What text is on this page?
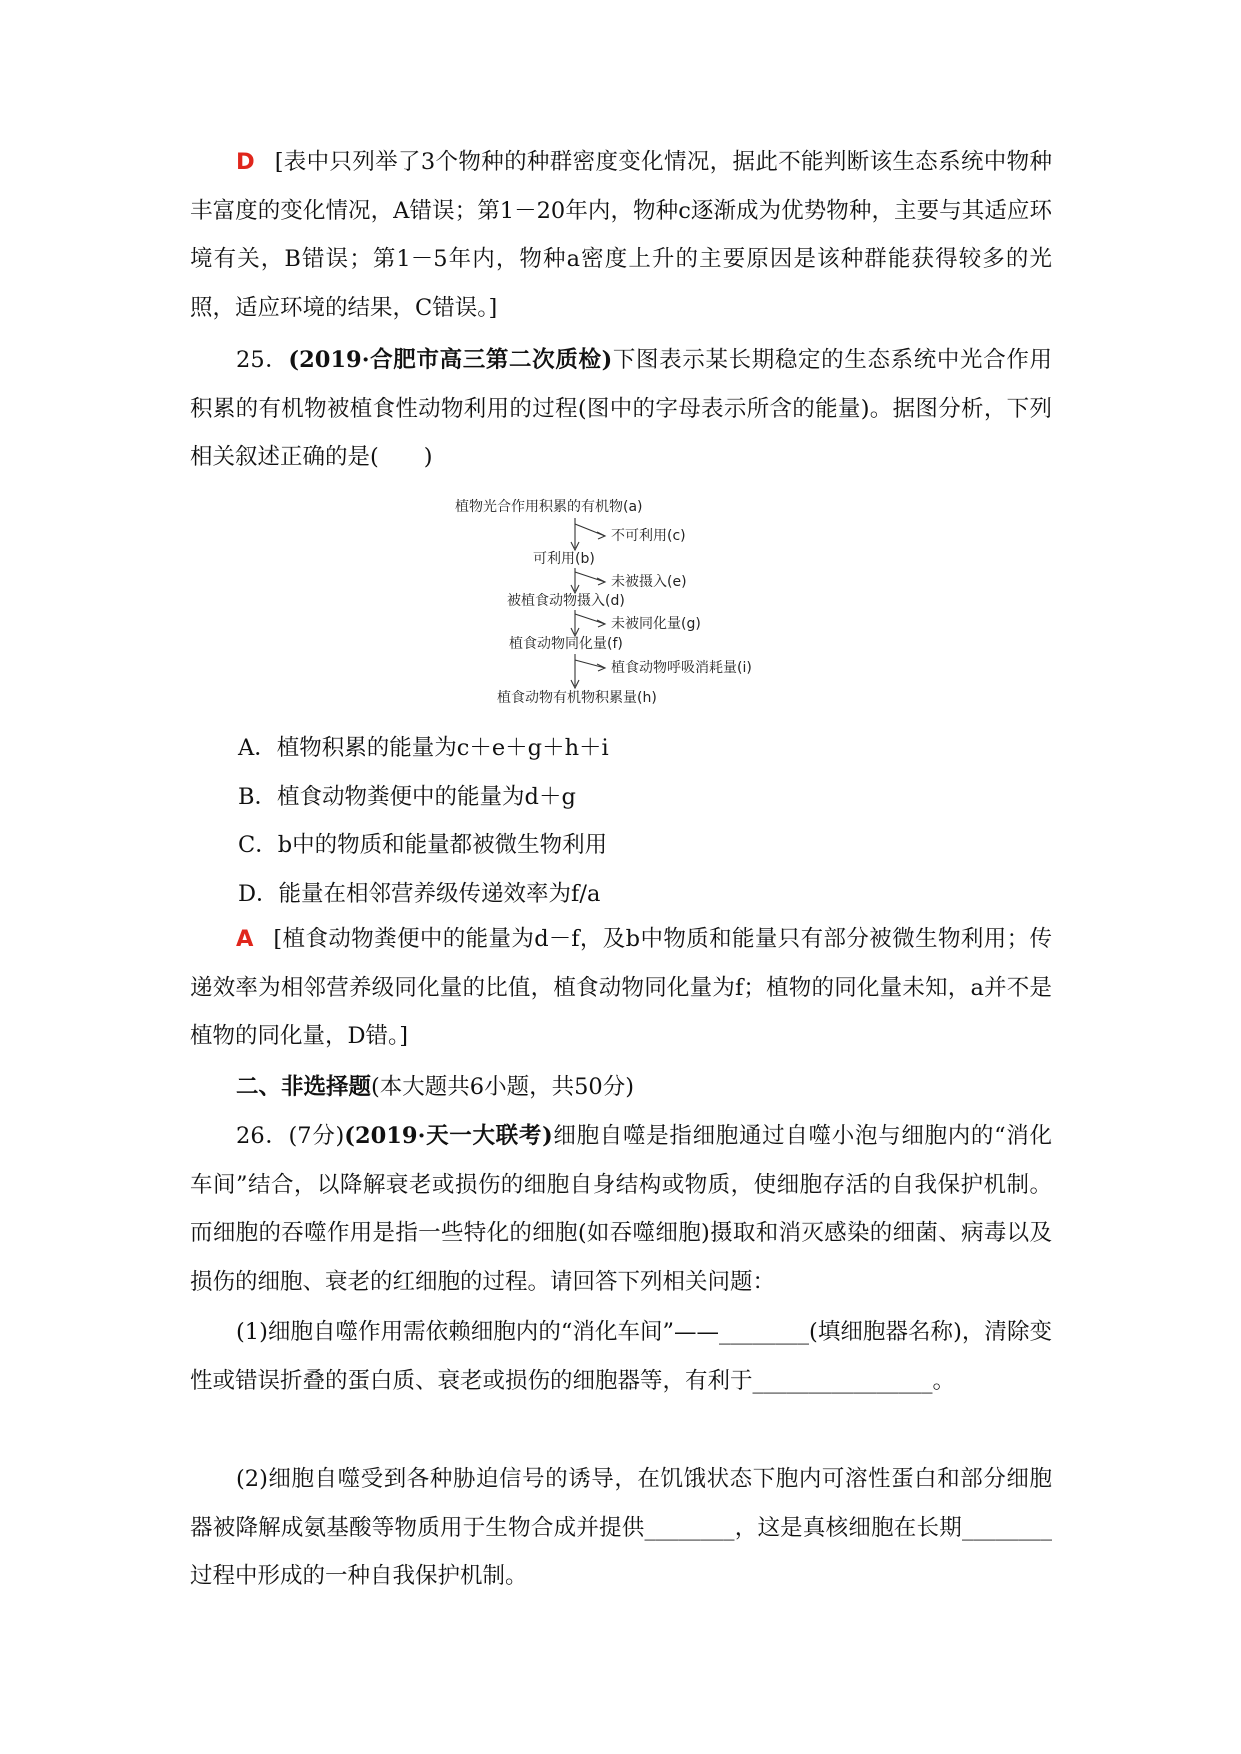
D [表中只列举了3个物种的种群密度变化情况，据此不能判断该生态系统中物种丰富度的变化情况，A错误；第1－20年内，物种c逐渐成为优势物种，主要与其适应环境有关，B错误；第1－5年内，物种a密度上升的主要原因是该种群能获得较多的光照，适应环境的结果，C错误。]

25．(2019·合肥市高三第二次质检)下图表示某长期稳定的生态系统中光合作用积累的有机物被植食性动物利用的过程(图中的字母表示所含的能量)。据图分析，下列相关叙述正确的是(　　)

植物光合作用积累的有机物(a)
不可利用(c)
可利用(b)
未被摄入(e)
被植食动物摄入(d)
未被同化量(g)
植食动物同化量(f)
植食动物呼吸消耗量(i)
植食动物有机物积累量(h)

A．植物积累的能量为c＋e＋g＋h＋i

B．植食动物粪便中的能量为d＋g

C．b中的物质和能量都被微生物利用

D．能量在相邻营养级传递效率为f/a

A [植食动物粪便中的能量为d－f，及b中物质和能量只有部分被微生物利用；传递效率为相邻营养级同化量的比值，植食动物同化量为f；植物的同化量未知，a并不是植物的同化量，D错。]

二、非选择题(本大题共6小题，共50分)

26．(7分)(2019·天一大联考)细胞自噬是指细胞通过自噬小泡与细胞内的“消化车间”结合，以降解衰老或损伤的细胞自身结构或物质，使细胞存活的自我保护机制。而细胞的吞噬作用是指一些特化的细胞(如吞噬细胞)摄取和消灭感染的细菌、病毒以及损伤的细胞、衰老的红细胞的过程。请回答下列相关问题：

(1)细胞自噬作用需依赖细胞内的“消化车间”——________(填细胞器名称)，清除变性或错误折叠的蛋白质、衰老或损伤的细胞器等，有利于________________。

(2)细胞自噬受到各种胁迫信号的诱导，在饥饿状态下胞内可溶性蛋白和部分细胞器被降解成氨基酸等物质用于生物合成并提供________，这是真核细胞在长期________过程中形成的一种自我保护机制。
